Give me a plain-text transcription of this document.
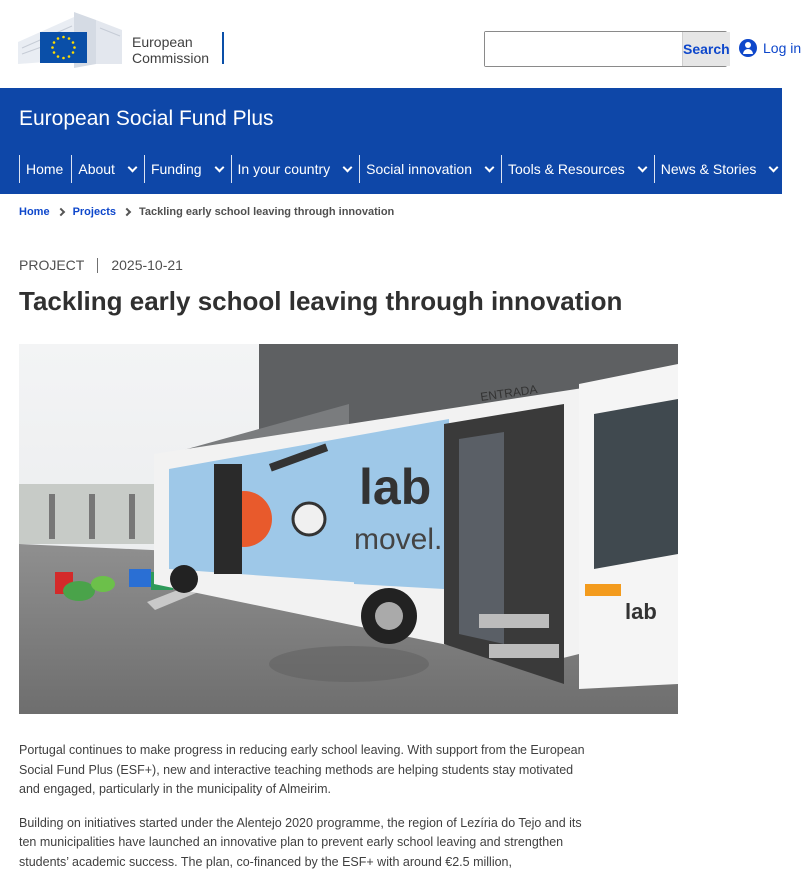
European
Commission
Search Log in
European Social Fund Plus
Home About	Funding	In your country	Social innovation	Tools & Resources	News & Stories
Home Projects Tackling early school leaving through innovation
PROJECT 2025-10-21
Tackling early school leaving through innovation
lab
movel.
ENTRADA
lab

Portugal continues to make progress in reducing early school leaving. With support from the European Social Fund Plus (ESF+), new and interactive teaching methods are helping students stay motivated and engaged, particularly in the municipality of Almeirim.

Building on initiatives started under the Alentejo 2020 programme, the region of Lezíria do Tejo and its ten municipalities have launched an innovative plan to prevent early school leaving and strengthen students’ academic success. The plan, co-financed by the ESF+ with around €2.5 million,
